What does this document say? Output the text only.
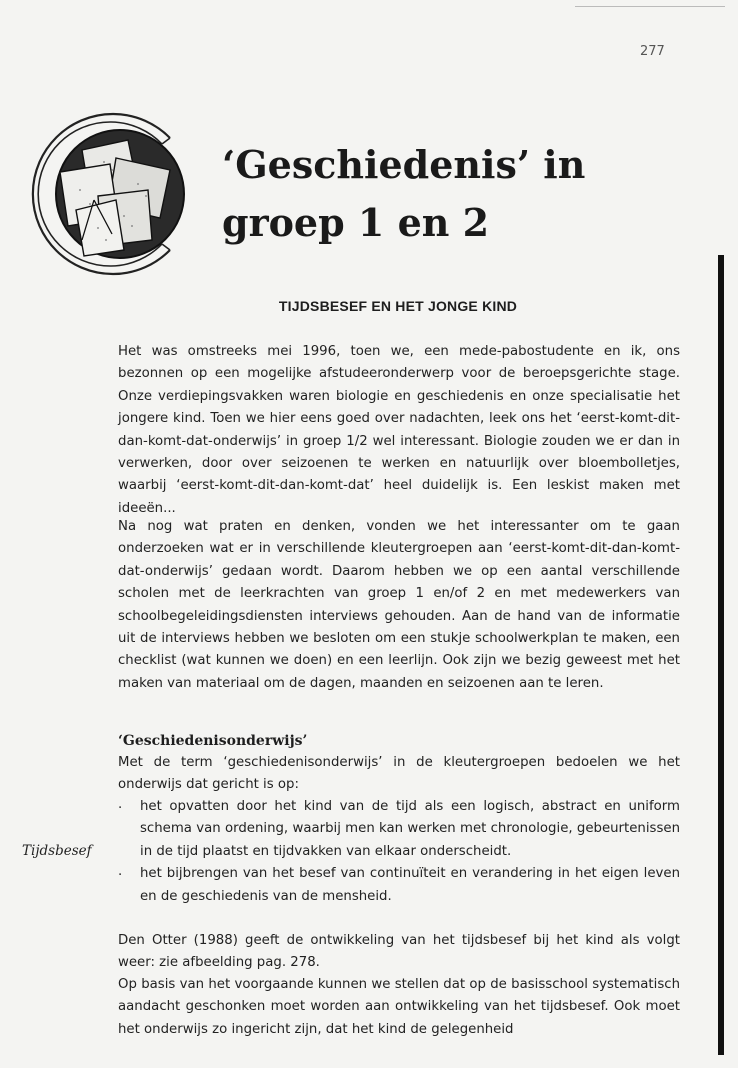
277
‘Geschiedenis’ in
groep 1 en 2
TIJDSBESEF EN HET JONGE KIND

Het was omstreeks mei 1996, toen we, een mede-pabostudente en ik, ons bezonnen op een mogelijke afstudeeronderwerp voor de beroepsgerichte stage. Onze verdiepingsvakken waren biologie en geschiedenis en onze specialisatie het jongere kind. Toen we hier eens goed over nadachten, leek ons het ‘eerst-komt-dit-dan-komt-dat-onderwijs’ in groep 1/2 wel interessant. Biologie zouden we er dan in verwerken, door over seizoenen te werken en natuurlijk over bloembolletjes, waarbij ‘eerst-komt-dit-dan-komt-dat’ heel duidelijk is. Een leskist maken met ideeën...

Na nog wat praten en denken, vonden we het interessanter om te gaan onderzoeken wat er in verschillende kleutergroepen aan ‘eerst-komt-dit-dan-komt-dat-onderwijs’ gedaan wordt. Daarom hebben we op een aantal verschillende scholen met de leerkrachten van groep 1 en/of 2 en met medewerkers van schoolbegeleidingsdiensten interviews gehouden. Aan de hand van de informatie uit de interviews hebben we besloten om een stukje schoolwerkplan te maken, een checklist (wat kunnen we doen) en een leerlijn. Ook zijn we bezig geweest met het maken van materiaal om de dagen, maanden en seizoenen aan te leren.

‘Geschiedenisonderwijs’

Met de term ‘geschiedenisonderwijs’ in de kleutergroepen bedoelen we het onderwijs dat gericht is op:

. het opvatten door het kind van de tijd als een logisch, abstract en uniform schema van ordening, waarbij men kan werken met chronologie, gebeurtenissen in de tijd plaatst en tijdvakken van elkaar onderscheidt.
. het bijbrengen van het besef van continuïteit en verandering in het eigen leven en de geschiedenis van de mensheid.
Tijdsbesef

Den Otter (1988) geeft de ontwikkeling van het tijdsbesef bij het kind als volgt weer: zie afbeelding pag. 278.

Op basis van het voorgaande kunnen we stellen dat op de basisschool systematisch aandacht geschonken moet worden aan ontwikkeling van het tijdsbesef. Ook moet het onderwijs zo ingericht zijn, dat het kind de gelegenheid
